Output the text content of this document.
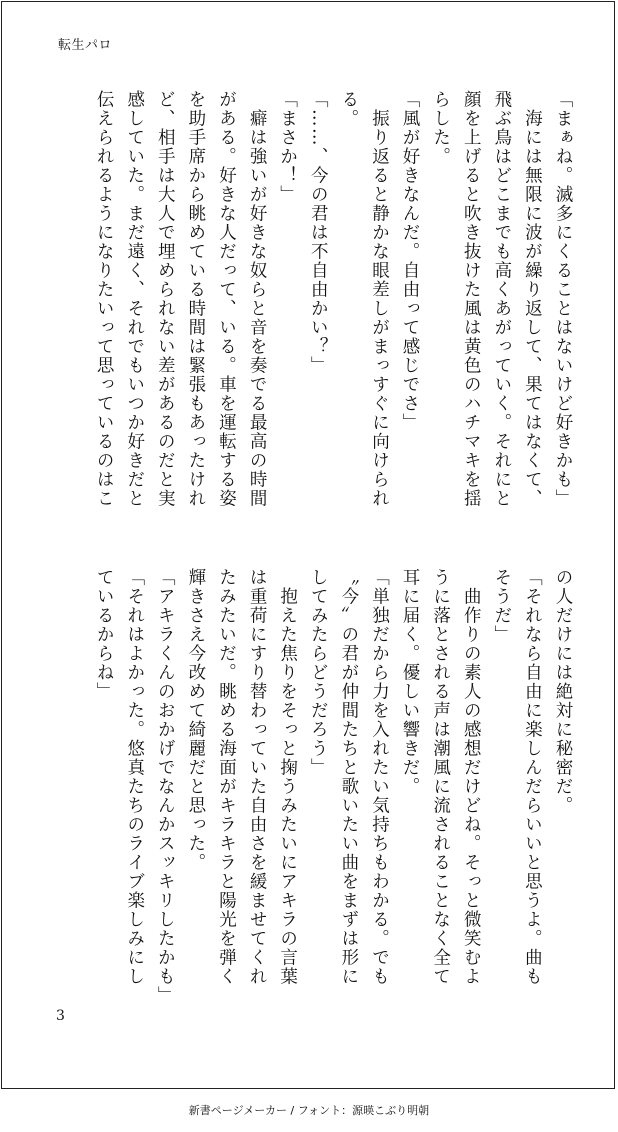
転生パロ
「まぁね。滅多にくることはないけど好きかも」
　海には無限に波が繰り返して、果てはなくて、
飛ぶ鳥はどこまでも高くあがっていく。それにと
顔を上げると吹き抜けた風は黄色のハチマキを揺
らした。
「風が好きなんだ。自由って感じでさ」
　振り返ると静かな眼差しがまっすぐに向けられ
る。
「……、今の君は不自由かい？」
「まさか！」
　癖は強いが好きな奴らと音を奏でる最高の時間
がある。好きな人だって、いる。車を運転する姿
を助手席から眺めている時間は緊張もあったけれ
ど、相手は大人で埋められない差があるのだと実
感していた。まだ遠く、それでもいつか好きだと
伝えられるようになりたいって思っているのはこ
の人だけには絶対に秘密だ。
「それなら自由に楽しんだらいいと思うよ。曲も
そうだ」
　曲作りの素人の感想だけどね。そっと微笑むよ
うに落とされる声は潮風に流されることなく全て
耳に届く。優しい響きだ。
「単独だから力を入れたい気持ちもわかる。でも
〝今〟の君が仲間たちと歌いたい曲をまずは形に
してみたらどうだろう」
　抱えた焦りをそっと掬うみたいにアキラの言葉
は重荷にすり替わっていた自由さを緩ませてくれ
たみたいだ。眺める海面がキラキラと陽光を弾く
輝きさえ今改めて綺麗だと思った。
「アキラくんのおかげでなんかスッキリしたかも」
「それはよかった。悠真たちのライブ楽しみにし
ているからね」
3
新書ページメーカー / フォント：源暎こぶり明朝
